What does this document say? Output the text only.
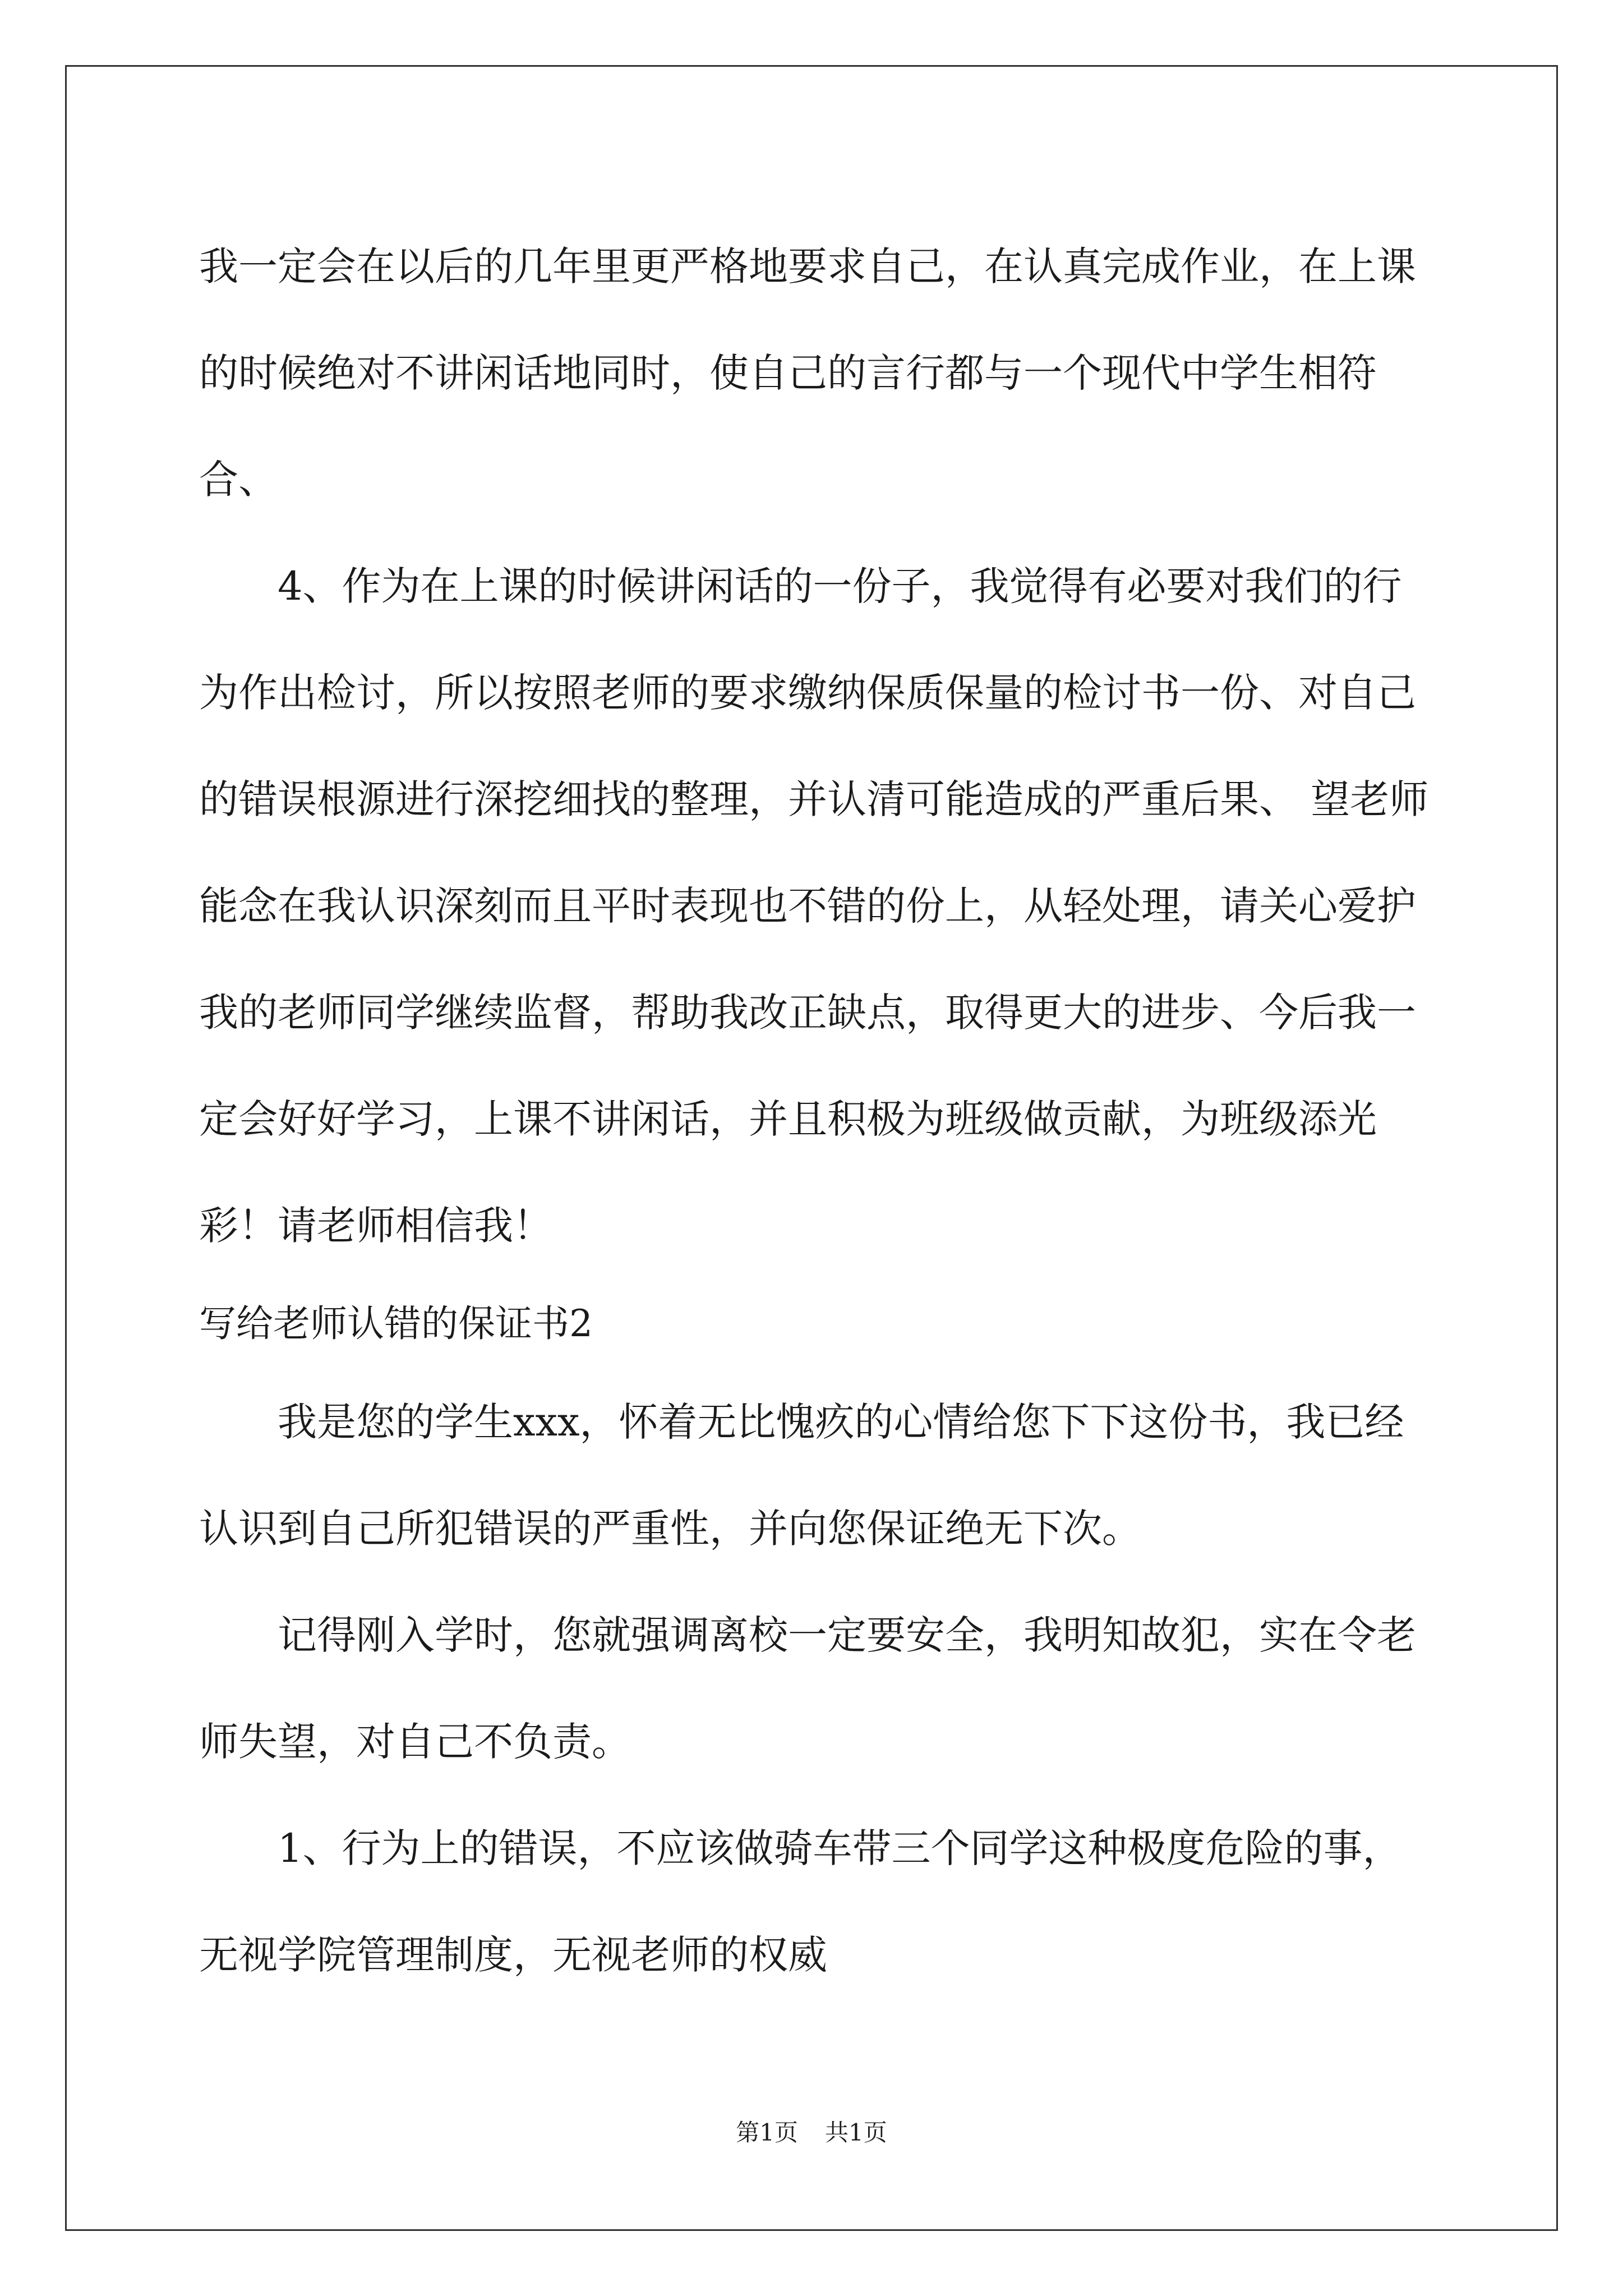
我一定会在以后的几年里更严格地要求自己，在认真完成作业，在上课的时候绝对不讲闲话地同时，使自己的言行都与一个现代中学生相符合、

4、作为在上课的时候讲闲话的一份子，我觉得有必要对我们的行为作出检讨，所以按照老师的要求缴纳保质保量的检讨书一份、对自己的错误根源进行深挖细找的整理，并认清可能造成的严重后果、 望老师能念在我认识深刻而且平时表现也不错的份上，从轻处理，请关心爱护我的老师同学继续监督，帮助我改正缺点，取得更大的进步、今后我一定会好好学习，上课不讲闲话，并且积极为班级做贡献，为班级添光彩！请老师相信我！

写给老师认错的保证书2

我是您的学生xxx，怀着无比愧疚的心情给您下下这份书，我已经认识到自己所犯错误的严重性，并向您保证绝无下次。

记得刚入学时，您就强调离校一定要安全，我明知故犯，实在令老师失望，对自己不负责。

1、行为上的错误，不应该做骑车带三个同学这种极度危险的事，无视学院管理制度，无视老师的权威

第1页 共1页
